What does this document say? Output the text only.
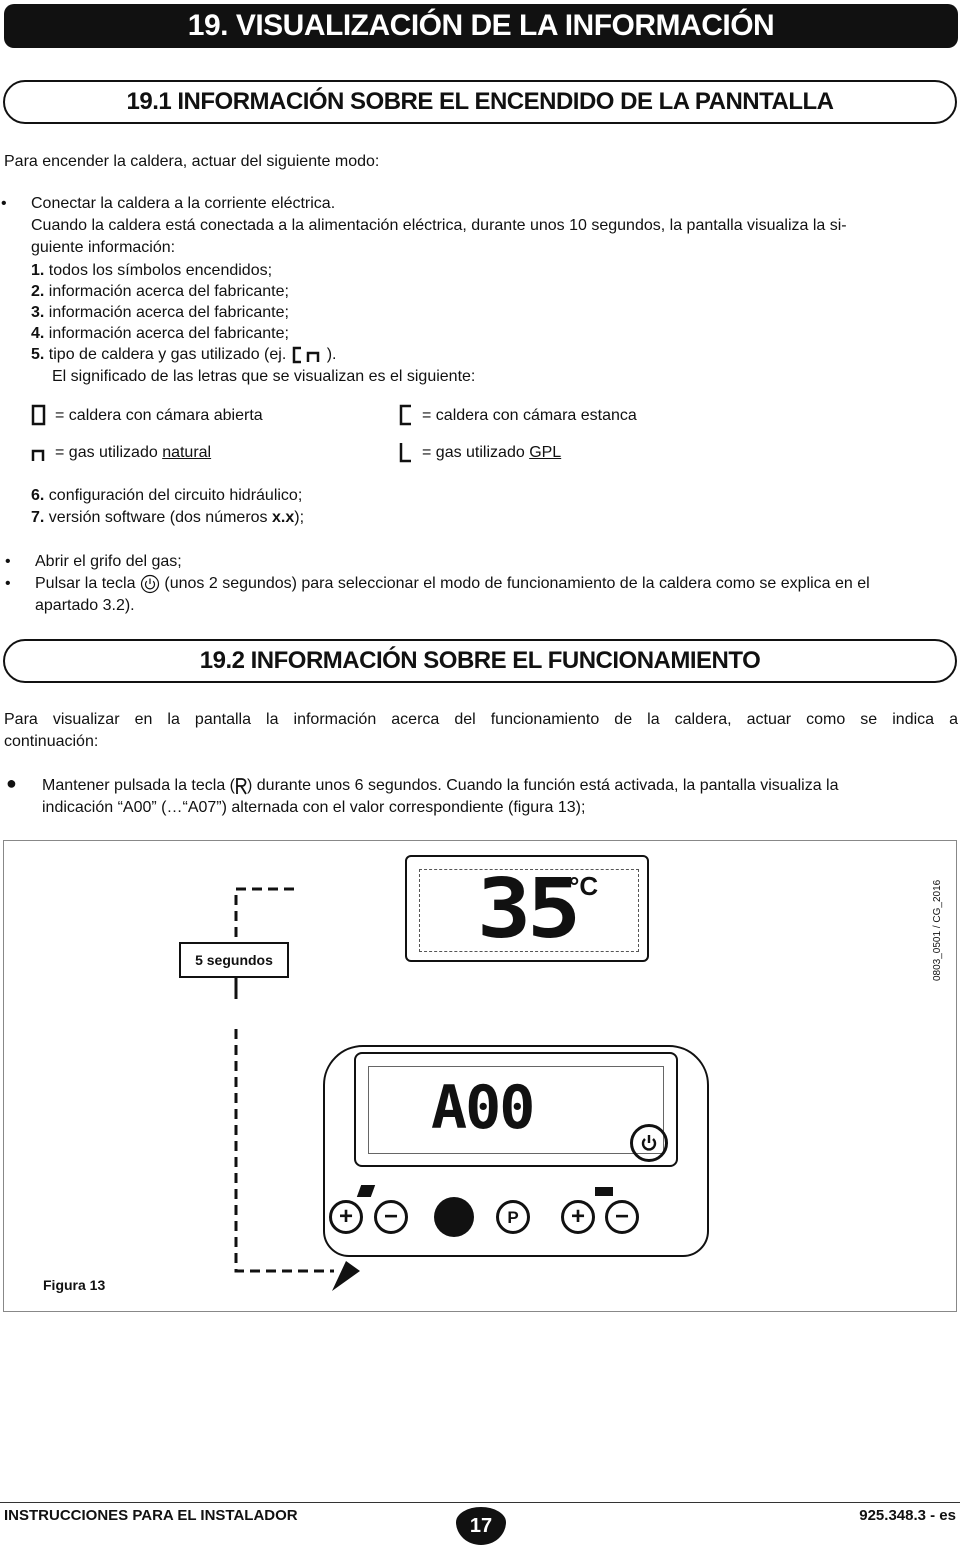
19. VISUALIZACIÓN DE LA INFORMACIÓN
19.1 INFORMACIÓN SOBRE EL ENCENDIDO DE LA PANNTALLA
Para encender la caldera, actuar del siguiente modo:
• Conectar la caldera a la corriente eléctrica.
Cuando la caldera está conectada a la alimentación eléctrica, durante unos 10 segundos, la pantalla visualiza la si-
guiente información:
1. todos los símbolos encendidos;
2. información acerca del fabricante;
3. información acerca del fabricante;
4. información acerca del fabricante;
5. tipo de caldera y gas utilizado (ej.	).
El significado de las letras que se visualizan es el siguiente:
= caldera con cámara abierta	= caldera con cámara estanca
= gas utilizado natural	= gas utilizado GPL
6. configuración del circuito hidráulico;
7. versión software (dos números x.x);
• Abrir el grifo del gas;
• Pulsar la tecla (unos 2 segundos) para seleccionar el modo de funcionamiento de la caldera como se explica en el
apartado 3.2).
19.2 INFORMACIÓN SOBRE EL FUNCIONAMIENTO
Para visualizar en la pantalla la información acerca del funcionamiento de la caldera, actuar como se indica a
continuación:
● Mantener pulsada la tecla ( ) durante unos 6 segundos. Cuando la función está activada, la pantalla visualiza la
indicación “A00” (…“A07”) alternada con el valor correspondiente (figura 13);
5 segundos
35
°C
A00
+	−	P	+	−
Figura 13
0803_0501 / CG_2016
INSTRUCCIONES PARA EL INSTALADOR	17	925.348.3 - es
